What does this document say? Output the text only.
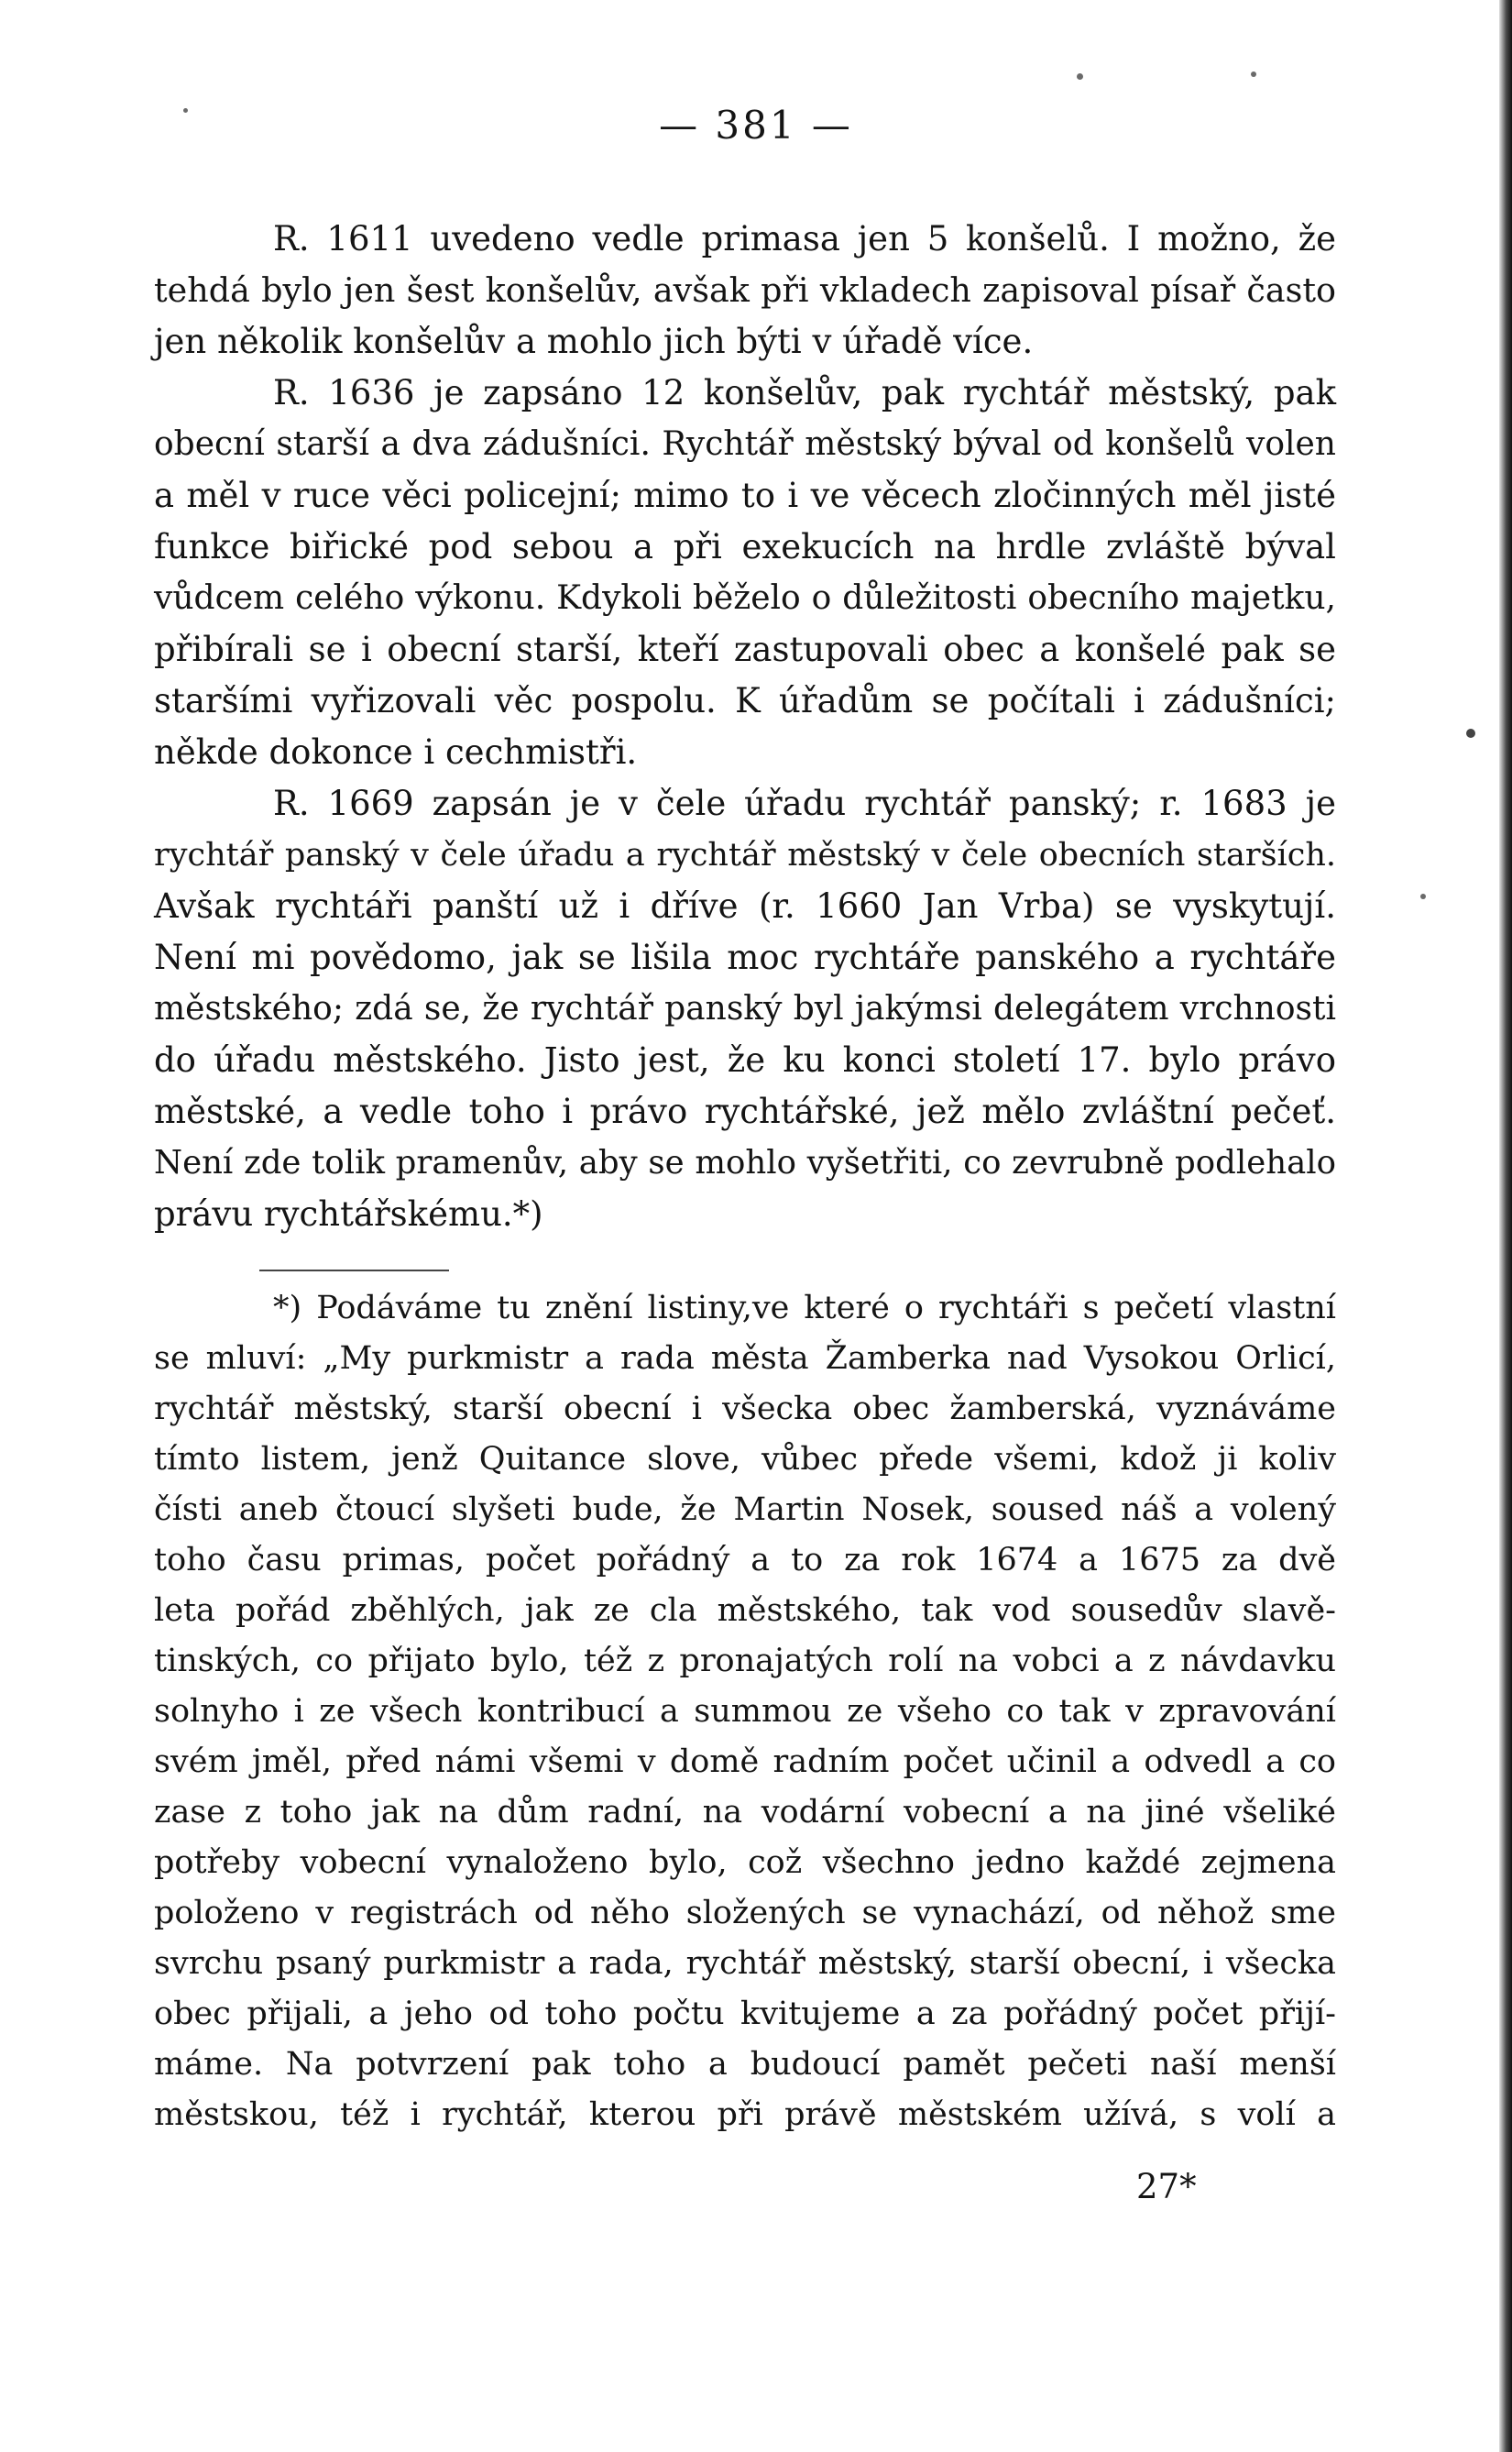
— 381 —
R. 1611 uvedeno vedle primasa jen 5 konšelů. I možno, že
tehdá bylo jen šest konšelův, avšak při vkladech zapisoval písař často
jen několik konšelův a mohlo jich býti v úřadě více.
R. 1636 je zapsáno 12 konšelův, pak rychtář městský, pak
obecní starší a dva zádušníci. Rychtář městský býval od konšelů volen
a měl v ruce věci policejní; mimo to i ve věcech zločinných měl jisté
funkce biřické pod sebou a při exekucích na hrdle zvláště býval
vůdcem celého výkonu. Kdykoli běželo o důležitosti obecního majetku,
přibírali se i obecní starší, kteří zastupovali obec a konšelé pak se
staršími vyřizovali věc pospolu. K úřadům se počítali i zádušníci;
někde dokonce i cechmistři.
R. 1669 zapsán je v čele úřadu rychtář panský; r. 1683 je
rychtář panský v čele úřadu a rychtář městský v čele obecních starších.
Avšak rychtáři panští už i dříve (r. 1660 Jan Vrba) se vyskytují.
Není mi povědomo, jak se lišila moc rychtáře panského a rychtáře
městského; zdá se, že rychtář panský byl jakýmsi delegátem vrchnosti
do úřadu městského. Jisto jest, že ku konci století 17. bylo právo
městské, a vedle toho i právo rychtářské, jež mělo zvláštní pečeť.
Není zde tolik pramenův, aby se mohlo vyšetřiti, co zevrubně podlehalo
právu rychtářskému.*)
*) Podáváme tu znění listiny,ve které o rychtáři s pečetí vlastní
se mluví: „My purkmistr a rada města Žamberka nad Vysokou Orlicí,
rychtář městský, starší obecní i všecka obec žamberská, vyznáváme
tímto listem, jenž Quitance slove, vůbec přede všemi, kdož ji koliv
čísti aneb čtoucí slyšeti bude, že Martin Nosek, soused náš a volený
toho času primas, počet pořádný a to za rok 1674 a 1675 za dvě
leta pořád zběhlých, jak ze cla městského, tak vod sousedův slavě-
tinských, co přijato bylo, též z pronajatých rolí na vobci a z návdavku
solnyho i ze všech kontribucí a summou ze všeho co tak v zpravování
svém jměl, před námi všemi v domě radním počet učinil a odvedl a co
zase z toho jak na dům radní, na vodární vobecní a na jiné všeliké
potřeby vobecní vynaloženo bylo, což všechno jedno každé zejmena
položeno v registrách od něho složených se vynachází, od něhož sme
svrchu psaný purkmistr a rada, rychtář městský, starší obecní, i všecka
obec přijali, a jeho od toho počtu kvitujeme a za pořádný počet přijí-
máme. Na potvrzení pak toho a budoucí pamět pečeti naší menší
městskou, též i rychtář, kterou při právě městském užívá, s volí a
27*
